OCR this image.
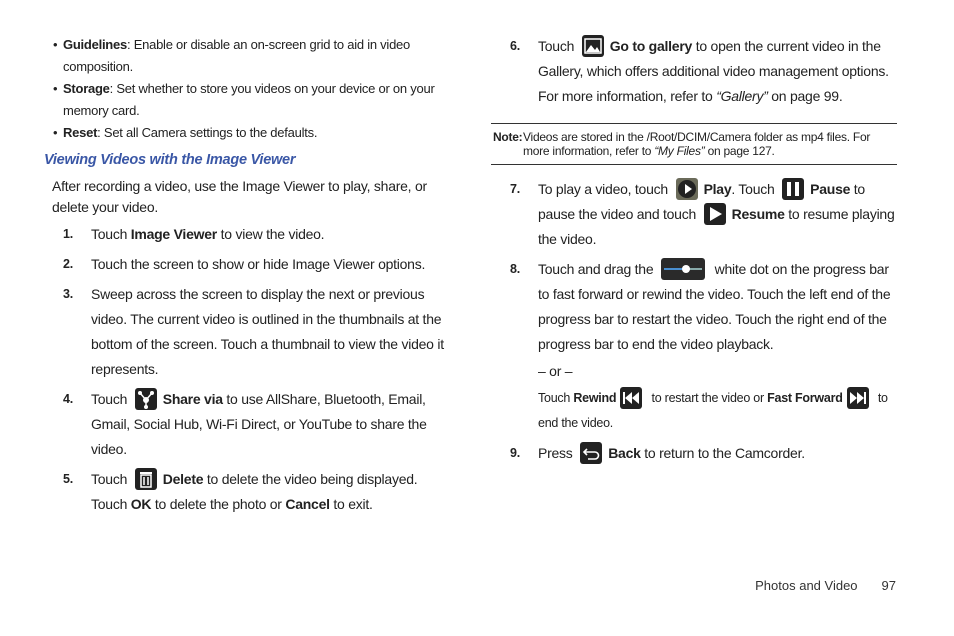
• Guidelines: Enable or disable an on-screen grid to aid in video composition.
• Storage: Set whether to store you videos on your device or on your memory card.
• Reset: Set all Camera settings to the defaults.
Viewing Videos with the Image Viewer
After recording a video, use the Image Viewer to play, share, or delete your video.
1. Touch Image Viewer to view the video.
2. Touch the screen to show or hide Image Viewer options.
3. Sweep across the screen to display the next or previous video. The current video is outlined in the thumbnails at the bottom of the screen. Touch a thumbnail to view the video it represents.
4. Touch
Share via to use AllShare, Bluetooth, Email, Gmail, Social Hub, Wi-Fi Direct, or YouTube to share the video.
5. Touch
Delete to delete the video being displayed. Touch OK to delete the photo or Cancel to exit.
6. Touch
Go to gallery to open the current video in the Gallery, which offers additional video management options. For more information, refer to “Gallery” on page 99.
Note: Videos are stored in the /Root/DCIM/Camera folder as mp4 files. For more information, refer to “My Files” on page 127.
7. To play a video, touch
Play. Touch
Pause to pause the video and touch
Resume to resume playing the video.
8. Touch and drag the	white dot on the progress bar to fast forward or rewind the video. Touch the left end of the progress bar to restart the video. Touch the right end of the progress bar to end the video playback.
– or –
Touch Rewind	to restart the video or Fast Forward	to end the video.
9. Press
Back to return to the Camcorder.
Photos and Video 97
